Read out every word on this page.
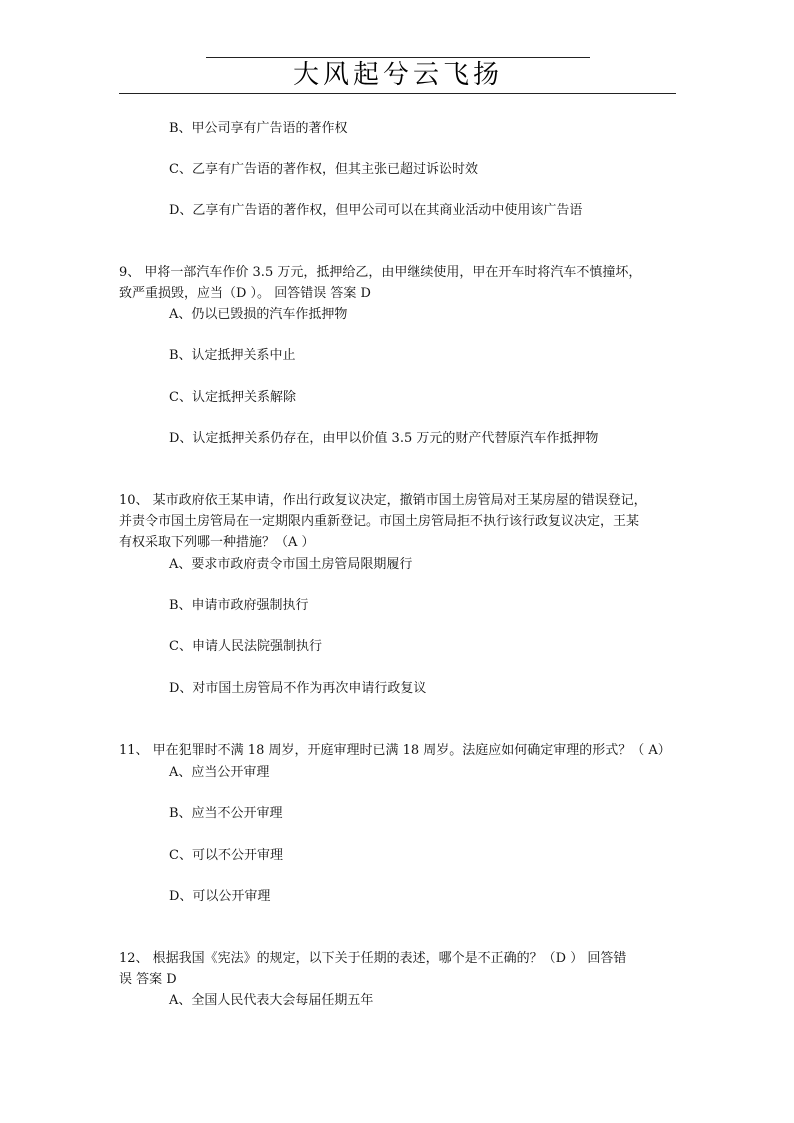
大风起兮云飞扬
B、甲公司享有广告语的著作权
C、乙享有广告语的著作权，但其主张已超过诉讼时效
D、乙享有广告语的著作权，但甲公司可以在其商业活动中使用该广告语
9、 甲将一部汽车作价 3.5 万元，抵押给乙，由甲继续使用，甲在开车时将汽车不慎撞坏，
致严重损毁，应当（D ）。 回答错误 答案 D
A、仍以已毁损的汽车作抵押物
B、认定抵押关系中止
C、认定抵押关系解除
D、认定抵押关系仍存在，由甲以价值 3.5 万元的财产代替原汽车作抵押物
10、 某市政府依王某申请，作出行政复议决定，撤销市国土房管局对王某房屋的错误登记，
并责令市国土房管局在一定期限内重新登记。市国土房管局拒不执行该行政复议决定，王某
有权采取下列哪一种措施？（A ）
A、要求市政府责令市国土房管局限期履行
B、申请市政府强制执行
C、申请人民法院强制执行
D、对市国土房管局不作为再次申请行政复议
11、 甲在犯罪时不满 18 周岁，开庭审理时已满 18 周岁。法庭应如何确定审理的形式？（ A）
A、应当公开审理
B、应当不公开审理
C、可以不公开审理
D、可以公开审理
12、 根据我国《宪法》的规定，以下关于任期的表述，哪个是不正确的？（D ） 回答错
误 答案 D
A、全国人民代表大会每届任期五年
